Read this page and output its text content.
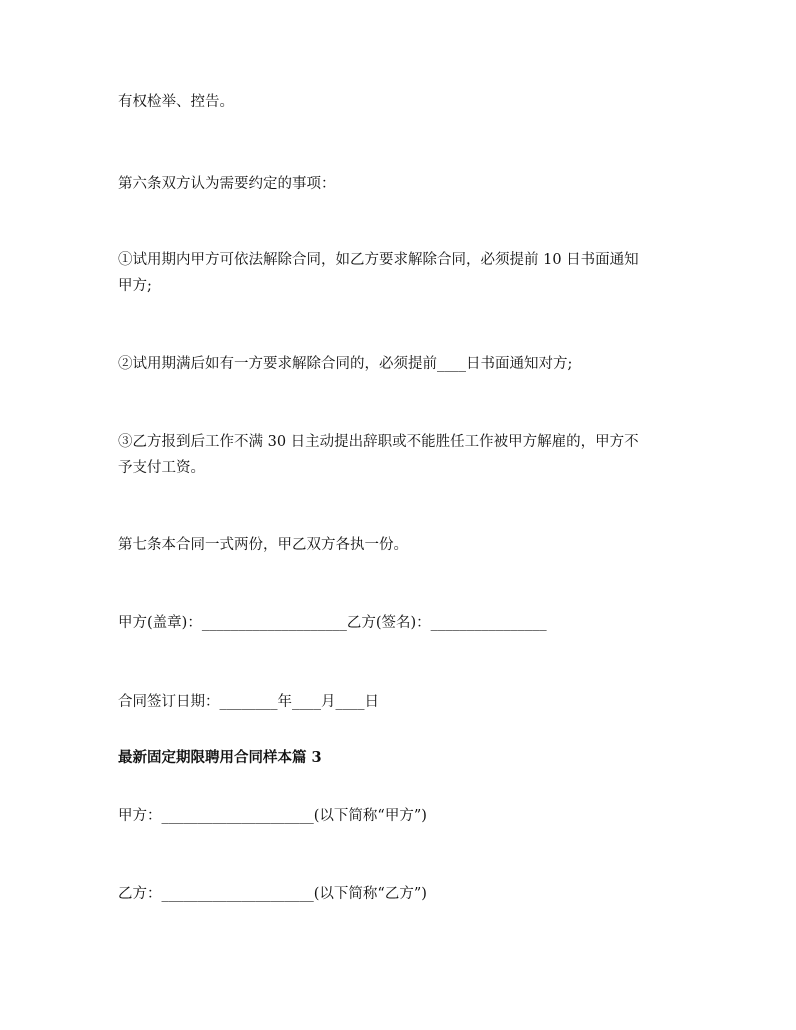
有权检举、控告。
第六条双方认为需要约定的事项：
①试用期内甲方可依法解除合同，如乙方要求解除合同，必须提前 10 日书面通知
甲方;
②试用期满后如有一方要求解除合同的，必须提前____日书面通知对方;
③乙方报到后工作不满 30 日主动提出辞职或不能胜任工作被甲方解雇的，甲方不
予支付工资。
第七条本合同一式两份，甲乙双方各执一份。
甲方(盖章)：____________________乙方(签名)：________________
合同签订日期：________年____月____日
最新固定期限聘用合同样本篇 3
甲方：_____________________(以下简称“甲方”)
乙方：_____________________(以下简称“乙方”)
